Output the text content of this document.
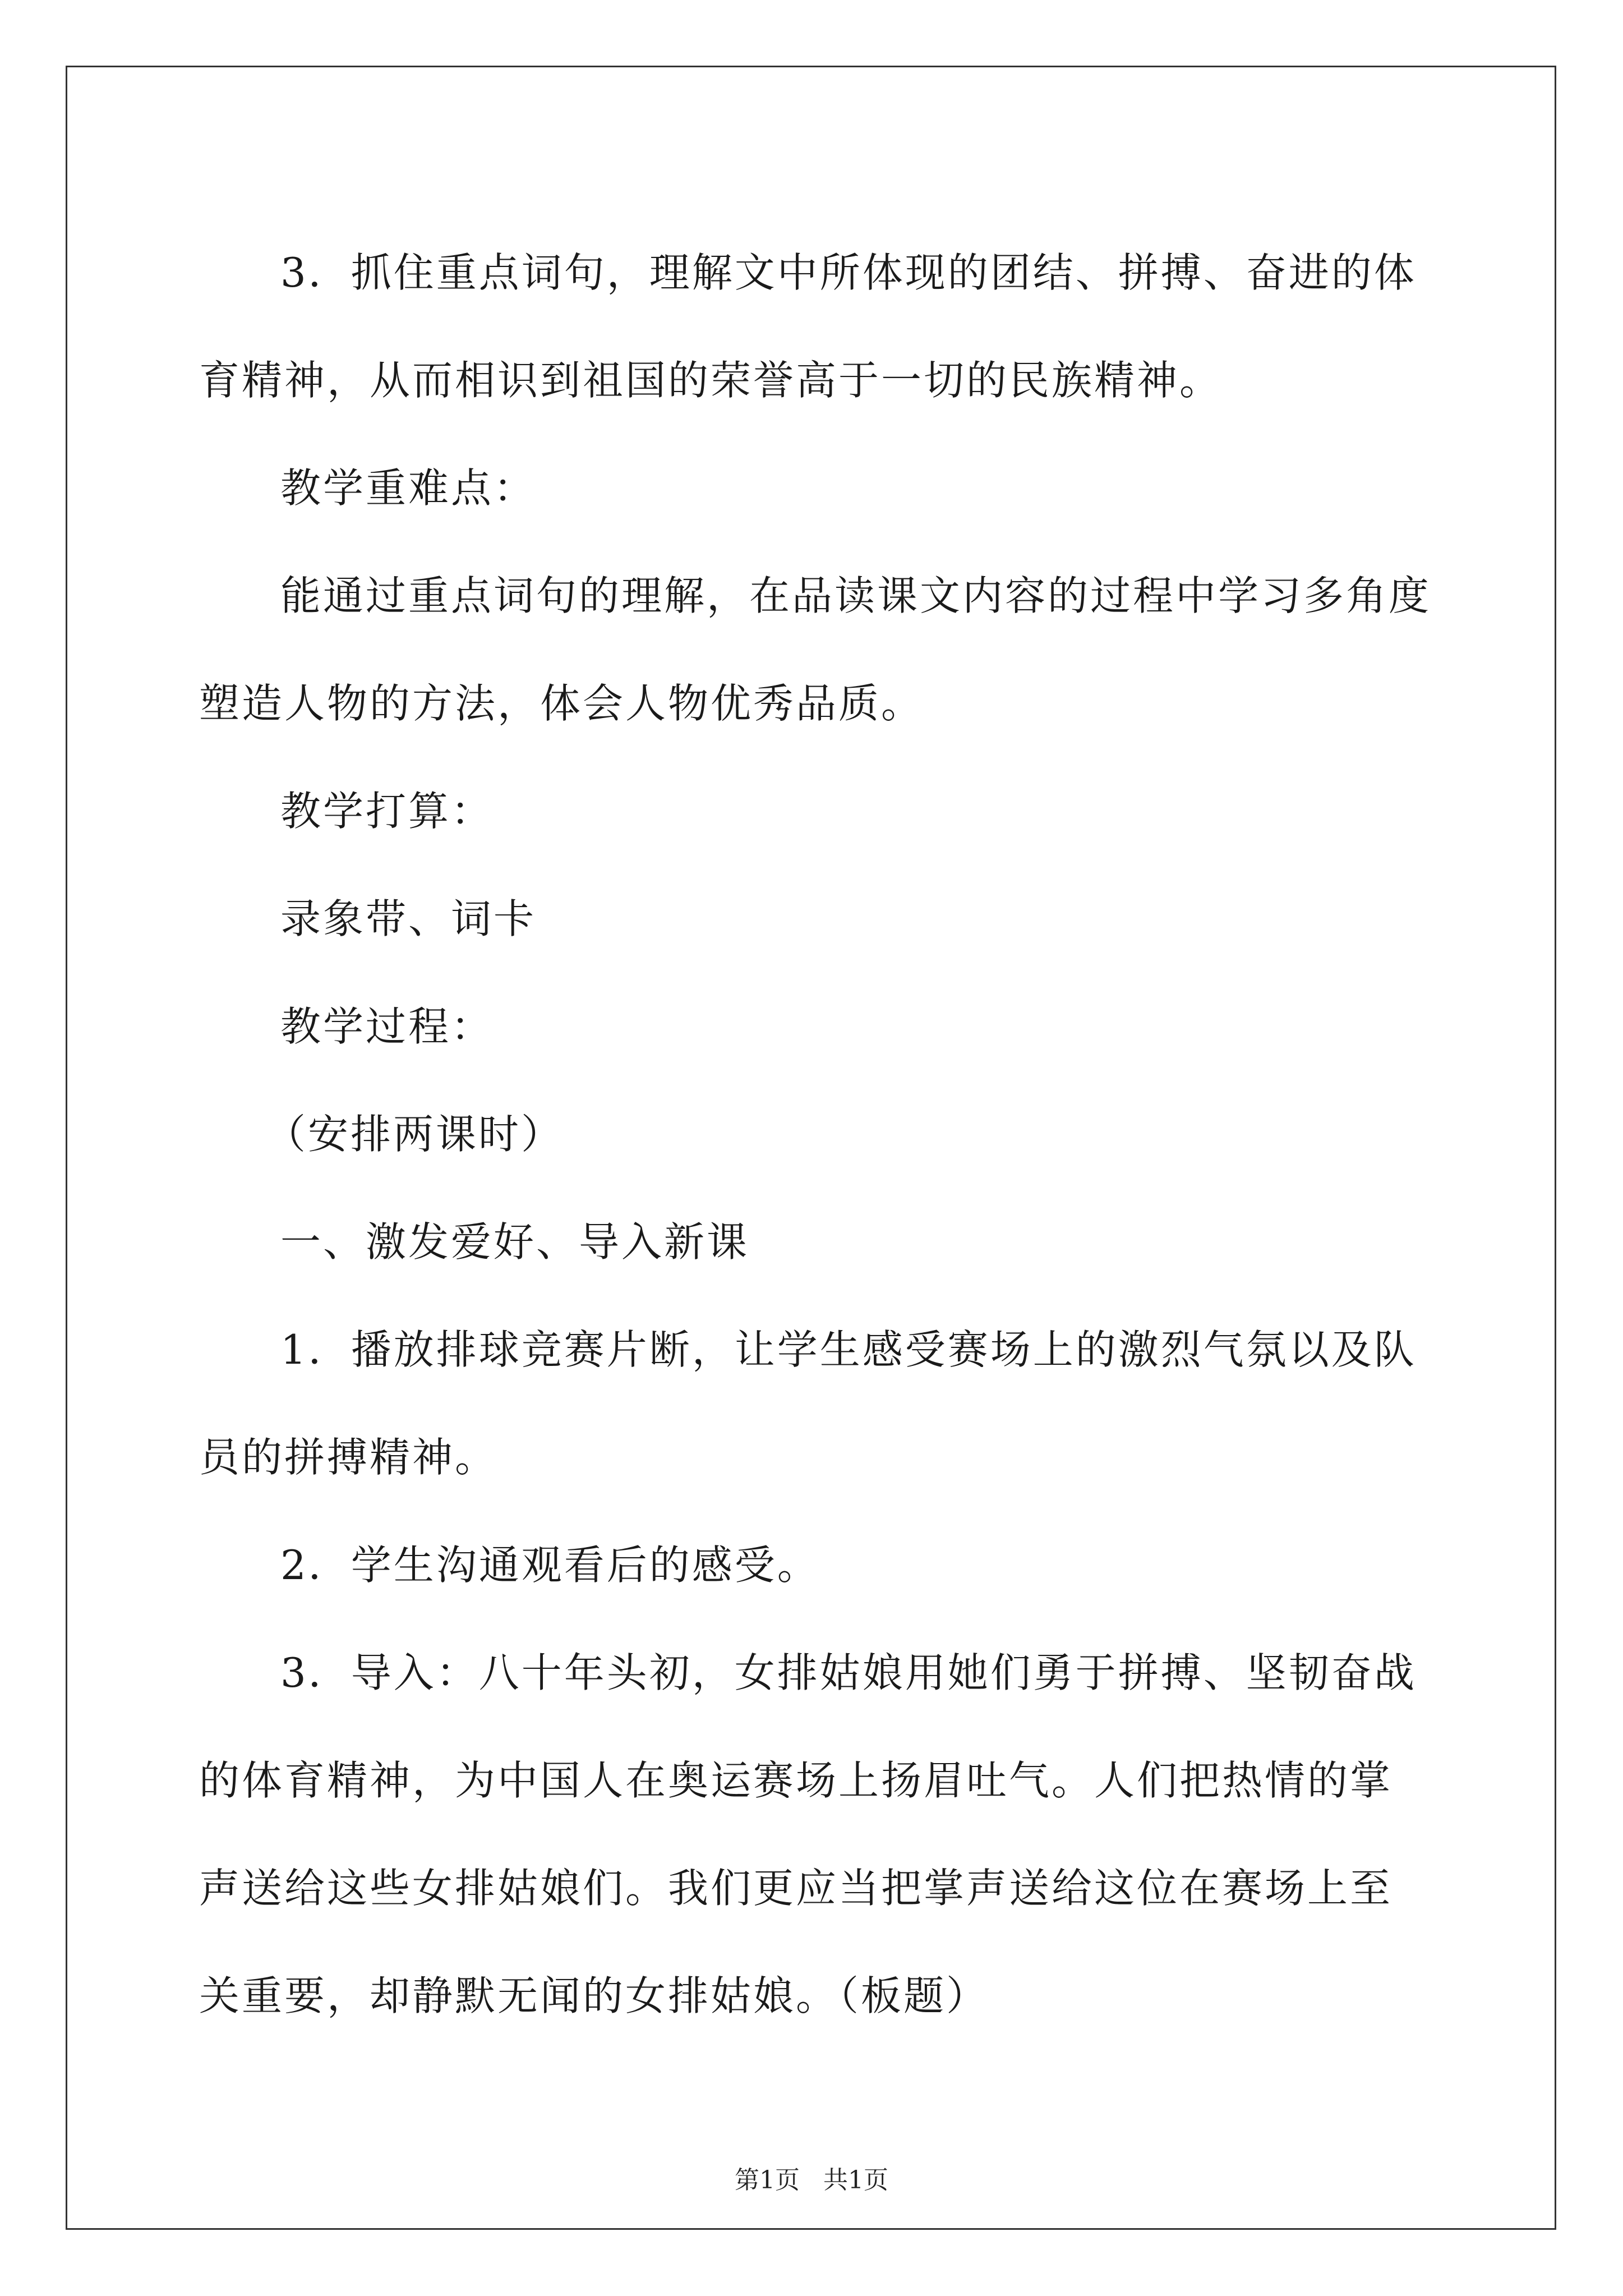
3．抓住重点词句，理解文中所体现的团结、拼搏、奋进的体育精神，从而相识到祖国的荣誉高于一切的民族精神。

教学重难点：

能通过重点词句的理解，在品读课文内容的过程中学习多角度塑造人物的方法，体会人物优秀品质。

教学打算：

录象带、词卡

教学过程：

（安排两课时）

一、激发爱好、导入新课

1．播放排球竞赛片断，让学生感受赛场上的激烈气氛以及队员的拼搏精神。

2．学生沟通观看后的感受。

3．导入：八十年头初，女排姑娘用她们勇于拼搏、坚韧奋战的体育精神，为中国人在奥运赛场上扬眉吐气。人们把热情的掌声送给这些女排姑娘们。我们更应当把掌声送给这位在赛场上至关重要，却静默无闻的女排姑娘。（板题）

第1页 共1页
